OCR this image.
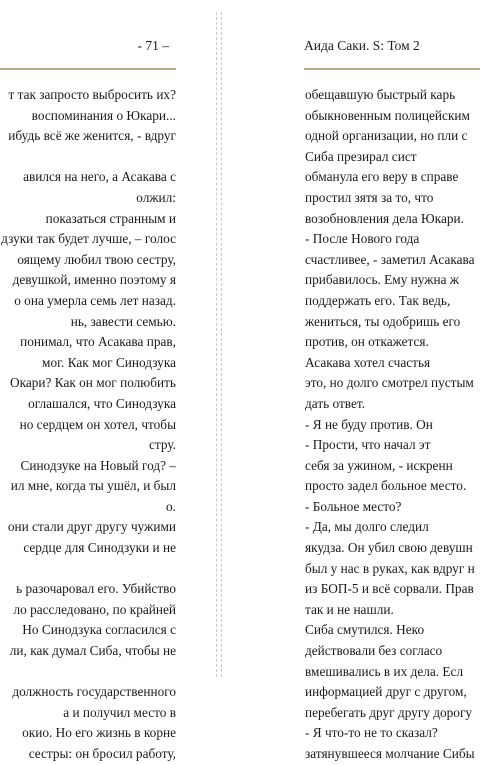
- 71 –
т так запросто выбросить их?
воспоминания о Юкари...
ибудь всё же женится, - вдруг
авился на него, а Асакава с
олжил:
показаться странным и
дзуки так будет лучше, – голос
оящему любил твою сестру,
девушкой, именно поэтому я
о она умерла семь лет назад.
нь, завести семью.
понимал, что Асакава прав,
мог. Как мог Синодзука
Окари? Как он мог полюбить
оглашался, что Синодзука
но сердцем он хотел, чтобы
стру.
Синодзуке на Новый год? –
ил мне, когда ты ушёл, и был
о.
они стали друг другу чужими
сердце для Синодзуки и не
ь разочаровал его. Убийство
ло расследовано, по крайней
Но Синодзука согласился с
ли, как думал Сиба, чтобы не
должность государственного
а и получил место в
окио. Но его жизнь в корне
сестры: он бросил работу,
Аида Саки. S: Том 2
обещавшую быстрый карь
обыкновенным полицейским
одной организации, но пли с
Сиба презирал сист
обманула его веру в справе
простил зятя за то, что
возобновления дела Юкари.
- После Нового года
счастливее, - заметил Асакава
прибавилось. Ему нужна ж
поддержать его. Так ведь,
жениться, ты одобришь его
против, он откажется.
Асакава хотел счастья
это, но долго смотрел пустым
дать ответ.
- Я не буду против. Он
- Прости, что начал эт
себя за ужином, - искренн
просто задел больное место.
- Больное место?
- Да, мы долго следил
якудза. Он убил свою девушн
был у нас в руках, как вдруг н
из БОП-5 и всё сорвали. Прав
так и не нашли.
Сиба смутился. Неко
действовали без согласо
вмешивались в их дела. Есл
информацией друг с другом,
перебегать друг другу дорогу
- Я что-то не то сказал?
затянувшееся молчание Сибы
